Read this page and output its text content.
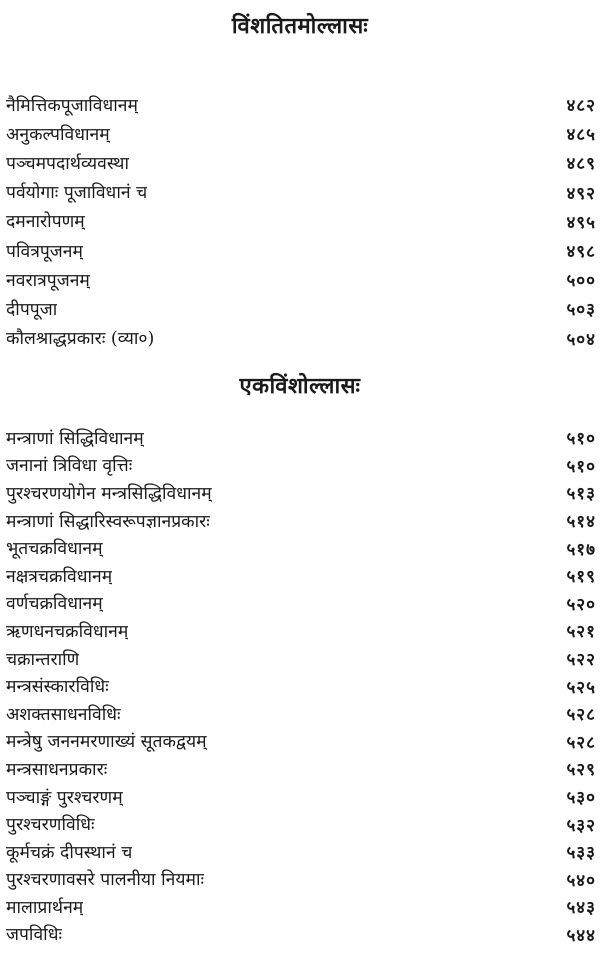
विंशतितमोल्लासः
नैमित्तिकपूजाविधानम्	४८२
अनुकल्पविधानम्	४८५
पञ्चमपदार्थव्यवस्था	४८९
पर्वयोगाः पूजाविधानं च	४९२
दमनारोपणम्	४९५
पवित्रपूजनम्	४९८
नवरात्रपूजनम्	५००
दीपपूजा	५०३
कौलश्राद्धप्रकारः (व्या०)	५०४
एकविंशोल्लासः
मन्त्राणां सिद्धिविधानम्	५१०
जनानां त्रिविधा वृत्तिः	५१०
पुरश्चरणयोगेन मन्त्रसिद्धिविधानम्	५१३
मन्त्राणां सिद्धारिस्वरूपज्ञानप्रकारः	५१४
भूतचक्रविधानम्	५१७
नक्षत्रचक्रविधानम्	५१९
वर्णचक्रविधानम्	५२०
ऋणधनचक्रविधानम्	५२१
चक्रान्तराणि	५२२
मन्त्रसंस्कारविधिः	५२५
अशक्तसाधनविधिः	५२८
मन्त्रेषु जननमरणाख्यं सूतकद्वयम्	५२८
मन्त्रसाधनप्रकारः	५२९
पञ्चाङ्गं पुरश्चरणम्	५३०
पुरश्चरणविधिः	५३२
कूर्मचक्रं दीपस्थानं च	५३३
पुरश्चरणावसरे पालनीया नियमाः	५४०
मालाप्रार्थनम्	५४३
जपविधिः	५४४
